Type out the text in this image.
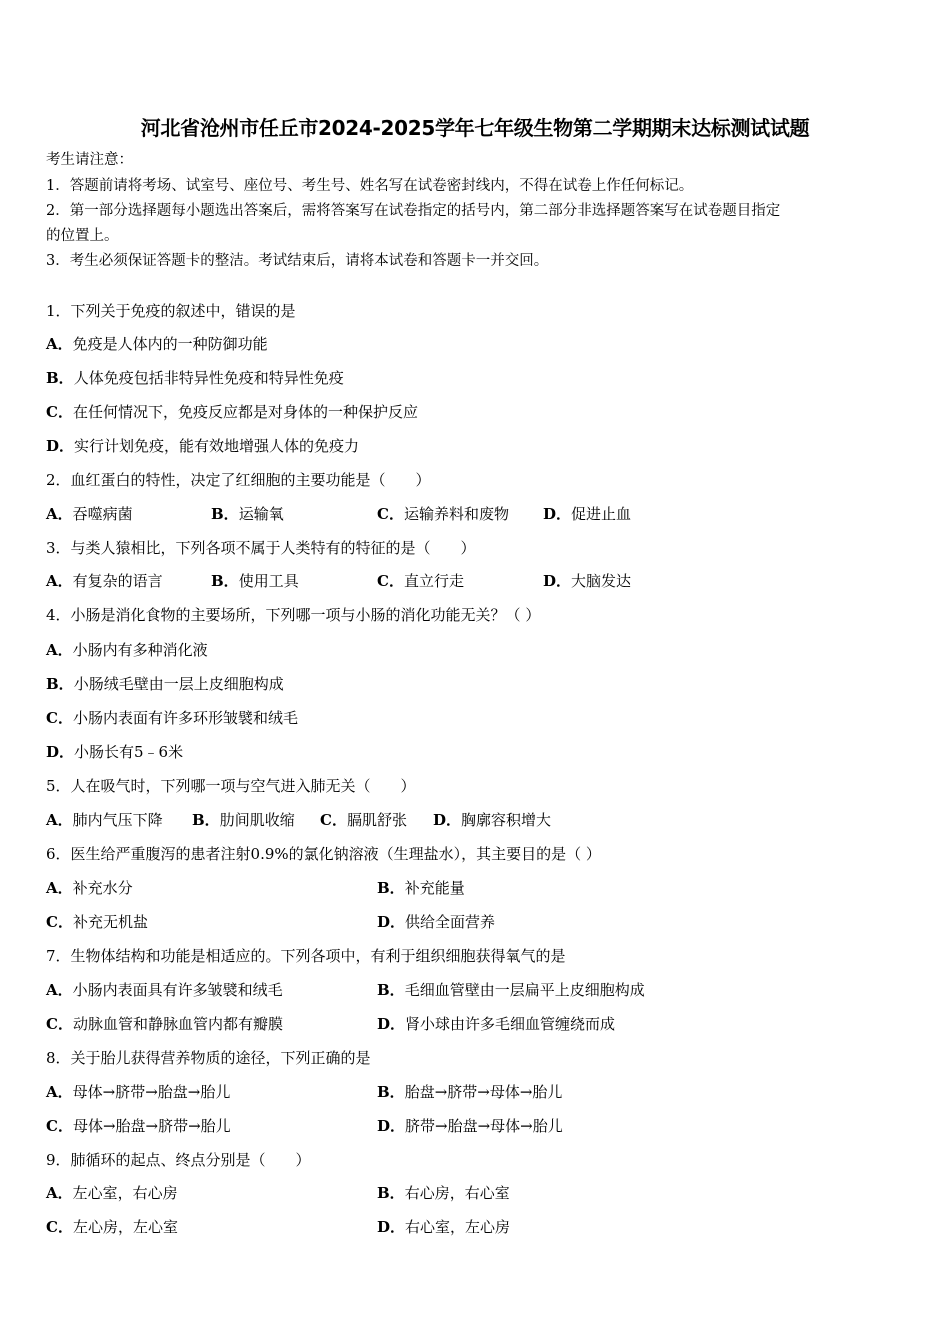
河北省沧州市任丘市2024-2025学年七年级生物第二学期期末达标测试试题
考生请注意：
1．答题前请将考场、试室号、座位号、考生号、姓名写在试卷密封线内，不得在试卷上作任何标记。
2．第一部分选择题每小题选出答案后，需将答案写在试卷指定的括号内，第二部分非选择题答案写在试卷题目指定
的位置上。
3．考生必须保证答题卡的整洁。考试结束后，请将本试卷和答题卡一并交回。
1．下列关于免疫的叙述中，错误的是
A．免疫是人体内的一种防御功能
B．人体免疫包括非特异性免疫和特异性免疫
C．在任何情况下，免疫反应都是对身体的一种保护反应
D．实行计划免疫，能有效地增强人体的免疫力
2．血红蛋白的特性，决定了红细胞的主要功能是（　　）
A．吞噬病菌	B．运输氧	C．运输养料和废物 D．促进止血
3．与类人猿相比，下列各项不属于人类特有的特征的是（　　）
A．有复杂的语言	B．使用工具	C．直立行走	D．大脑发达
4．小肠是消化食物的主要场所，下列哪一项与小肠的消化功能无关？（ ）
A．小肠内有多种消化液
B．小肠绒毛壁由一层上皮细胞构成
C．小肠内表面有许多环形皱襞和绒毛
D．小肠长有5﹣6米
5．人在吸气时，下列哪一项与空气进入肺无关（　　）
A．肺内气压下降 B．肋间肌收缩 C．膈肌舒张 D．胸廓容积增大
6．医生给严重腹泻的患者注射0.9%的氯化钠溶液（生理盐水），其主要目的是（ ）
A．补充水分	B．补充能量
C．补充无机盐	D．供给全面营养
7．生物体结构和功能是相适应的。下列各项中，有利于组织细胞获得氧气的是
A．小肠内表面具有许多皱襞和绒毛	B．毛细血管壁由一层扁平上皮细胞构成
C．动脉血管和静脉血管内都有瓣膜	D．肾小球由许多毛细血管缠绕而成
8．关于胎儿获得营养物质的途径，下列正确的是
A．母体→脐带→胎盘→胎儿	B．胎盘→脐带→母体→胎儿
C．母体→胎盘→脐带→胎儿	D．脐带→胎盘→母体→胎儿
9．肺循环的起点、终点分别是（　　）
A．左心室，右心房	B．右心房，右心室
C．左心房，左心室	D．右心室，左心房
